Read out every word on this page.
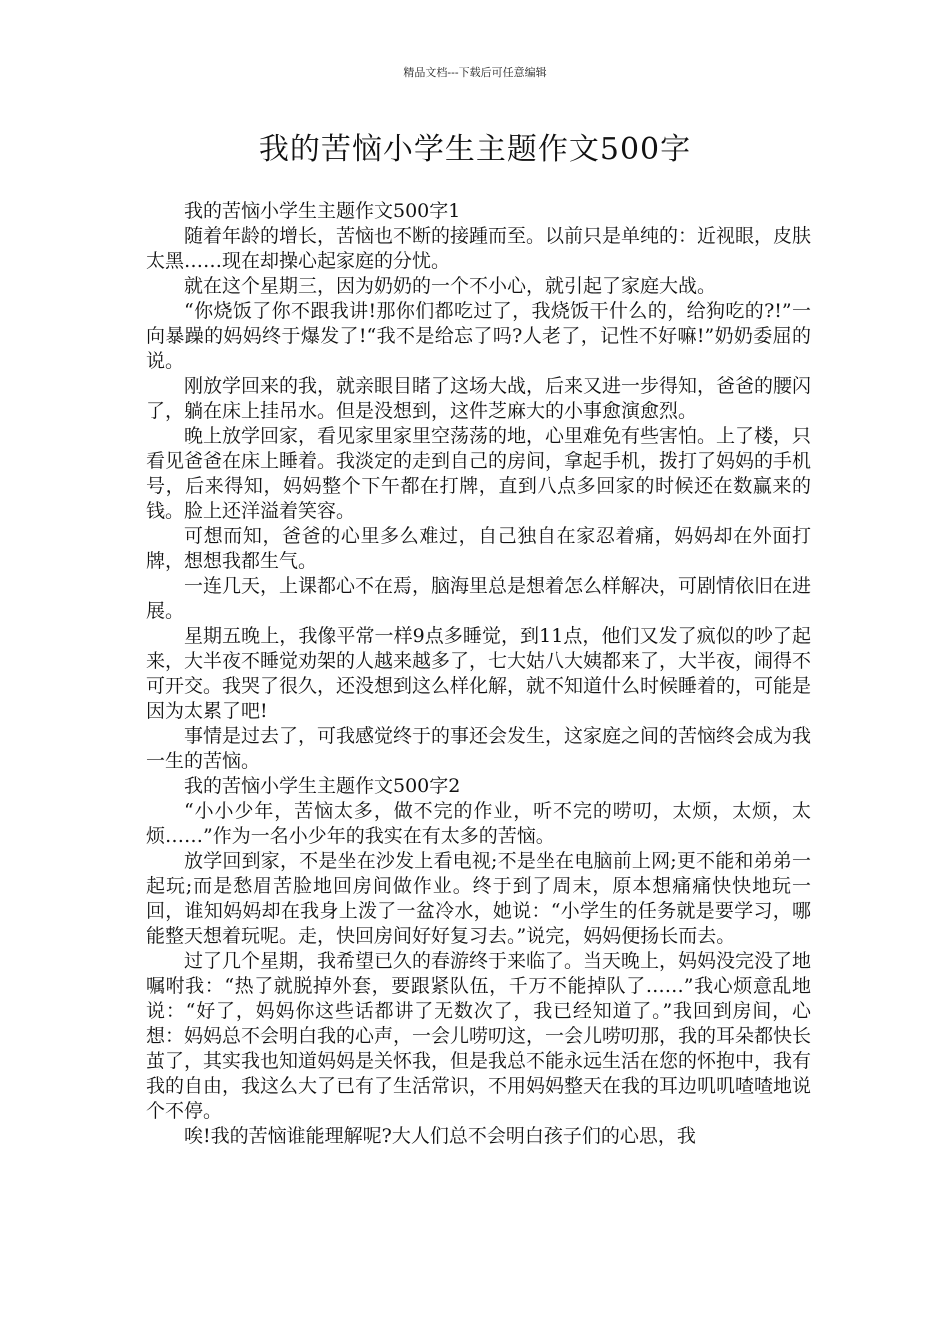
精品文档---下载后可任意编辑
我的苦恼小学生主题作文500字

我的苦恼小学生主题作文500字1

随着年龄的增长，苦恼也不断的接踵而至。以前只是单纯的：近视眼，皮肤太黑……现在却操心起家庭的分忧。

就在这个星期三，因为奶奶的一个不小心，就引起了家庭大战。

“你烧饭了你不跟我讲!那你们都吃过了，我烧饭干什么的，给狗吃的?!”一向暴躁的妈妈终于爆发了!“我不是给忘了吗?人老了，记性不好嘛!”奶奶委屈的说。

刚放学回来的我，就亲眼目睹了这场大战，后来又进一步得知，爸爸的腰闪了，躺在床上挂吊水。但是没想到，这件芝麻大的小事愈演愈烈。

晚上放学回家，看见家里家里空荡荡的地，心里难免有些害怕。上了楼，只看见爸爸在床上睡着。我淡定的走到自己的房间，拿起手机，拨打了妈妈的手机号，后来得知，妈妈整个下午都在打牌，直到八点多回家的时候还在数赢来的钱。脸上还洋溢着笑容。

可想而知，爸爸的心里多么难过，自己独自在家忍着痛，妈妈却在外面打牌，想想我都生气。

一连几天，上课都心不在焉，脑海里总是想着怎么样解决，可剧情依旧在进展。

星期五晚上，我像平常一样9点多睡觉，到11点，他们又发了疯似的吵了起来，大半夜不睡觉劝架的人越来越多了，七大姑八大姨都来了，大半夜，闹得不可开交。我哭了很久，还没想到这么样化解，就不知道什么时候睡着的，可能是因为太累了吧!

事情是过去了，可我感觉终于的事还会发生，这家庭之间的苦恼终会成为我一生的苦恼。

我的苦恼小学生主题作文500字2

“小小少年，苦恼太多，做不完的作业，听不完的唠叨，太烦，太烦，太烦……”作为一名小少年的我实在有太多的苦恼。

放学回到家，不是坐在沙发上看电视;不是坐在电脑前上网;更不能和弟弟一起玩;而是愁眉苦脸地回房间做作业。终于到了周末，原本想痛痛快快地玩一回，谁知妈妈却在我身上泼了一盆冷水，她说：“小学生的任务就是要学习，哪能整天想着玩呢。走，快回房间好好复习去。”说完，妈妈便扬长而去。

过了几个星期，我希望已久的春游终于来临了。当天晚上，妈妈没完没了地嘱咐我：“热了就脱掉外套，要跟紧队伍，千万不能掉队了……”我心烦意乱地说：“好了，妈妈你这些话都讲了无数次了，我已经知道了。”我回到房间，心想：妈妈总不会明白我的心声，一会儿唠叨这，一会儿唠叨那，我的耳朵都快长茧了，其实我也知道妈妈是关怀我，但是我总不能永远生活在您的怀抱中，我有我的自由，我这么大了已有了生活常识，不用妈妈整天在我的耳边叽叽喳喳地说个不停。

唉!我的苦恼谁能理解呢?大人们总不会明白孩子们的心思，我
